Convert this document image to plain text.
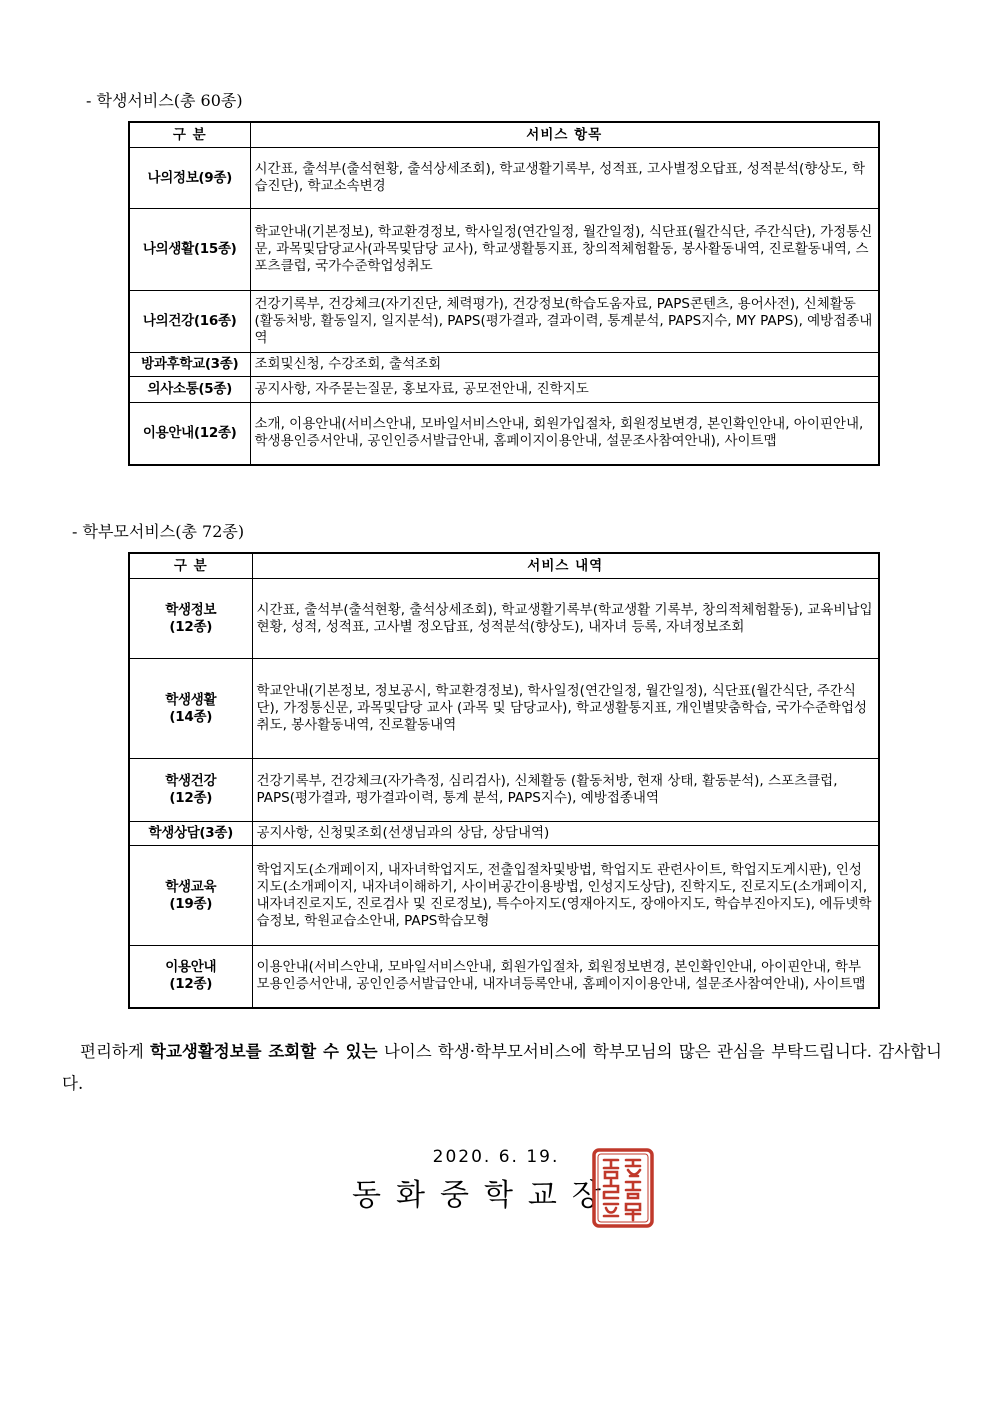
- 학생서비스(총 60종)
구 분	서비스 항목
나의정보(9종)	시간표, 출석부(출석현황, 출석상세조회), 학교생활기록부, 성적표, 고사별정오답표, 성적분석(향상도, 학습진단), 학교소속변경
나의생활(15종)	학교안내(기본정보), 학교환경정보, 학사일정(연간일정, 월간일정), 식단표(월간식단, 주간식단), 가정통신문, 과목및담당교사(과목및담당 교사), 학교생활통지표, 창의적체험활동, 봉사활동내역, 진로활동내역, 스포츠클럽, 국가수준학업성취도
나의건강(16종)	건강기록부, 건강체크(자기진단, 체력평가), 건강정보(학습도움자료, PAPS콘텐츠, 용어사전), 신체활동(활동처방, 활동일지, 일지분석), PAPS(평가결과, 결과이력, 통계분석, PAPS지수, MY PAPS), 예방접종내역
방과후학교(3종)	조회및신청, 수강조회, 출석조회
의사소통(5종)	공지사항, 자주묻는질문, 홍보자료, 공모전안내, 진학지도
이용안내(12종)	소개, 이용안내(서비스안내, 모바일서비스안내, 회원가입절차, 회원정보변경, 본인확인안내, 아이핀안내, 학생용인증서안내, 공인인증서발급안내, 홈페이지이용안내, 설문조사참여안내), 사이트맵
- 학부모서비스(총 72종)
구 분	서비스 내역
학생정보
(12종)	시간표, 출석부(출석현황, 출석상세조회), 학교생활기록부(학교생활 기록부, 창의적체험활동), 교육비납입현황, 성적, 성적표, 고사별 정오답표, 성적분석(향상도), 내자녀 등록, 자녀정보조회
학생생활
(14종)	학교안내(기본정보, 정보공시, 학교환경정보), 학사일정(연간일정, 월간일정), 식단표(월간식단, 주간식단), 가정통신문, 과목및담당 교사 (과목 및 담당교사), 학교생활통지표, 개인별맞춤학습, 국가수준학업성취도, 봉사활동내역, 진로활동내역
학생건강
(12종)	건강기록부, 건강체크(자가측정, 심리검사), 신체활동 (활동처방, 현재 상태, 활동분석), 스포츠클럽, PAPS(평가결과, 평가결과이력, 통계 분석, PAPS지수), 예방접종내역
학생상담(3종)	공지사항, 신청및조회(선생님과의 상담, 상담내역)
학생교육
(19종)	학업지도(소개페이지, 내자녀학업지도, 전출입절차및방법, 학업지도 관련사이트, 학업지도게시판), 인성지도(소개페이지, 내자녀이해하기, 사이버공간이용방법, 인성지도상담), 진학지도, 진로지도(소개페이지, 내자녀진로지도, 진로검사 및 진로정보), 특수아지도(영재아지도, 장애아지도, 학습부진아지도), 에듀넷학습정보, 학원교습소안내, PAPS학습모형
이용안내
(12종)	이용안내(서비스안내, 모바일서비스안내, 회원가입절차, 회원정보변경, 본인확인안내, 아이핀안내, 학부모용인증서안내, 공인인증서발급안내, 내자녀등록안내, 홈페이지이용안내, 설문조사참여안내), 사이트맵
편리하게 학교생활정보를 조회할 수 있는 나이스 학생·학부모서비스에 학부모님의 많은 관심을 부탁드립니다. 감사합니다.
2020. 6. 19.
동화중학교장
